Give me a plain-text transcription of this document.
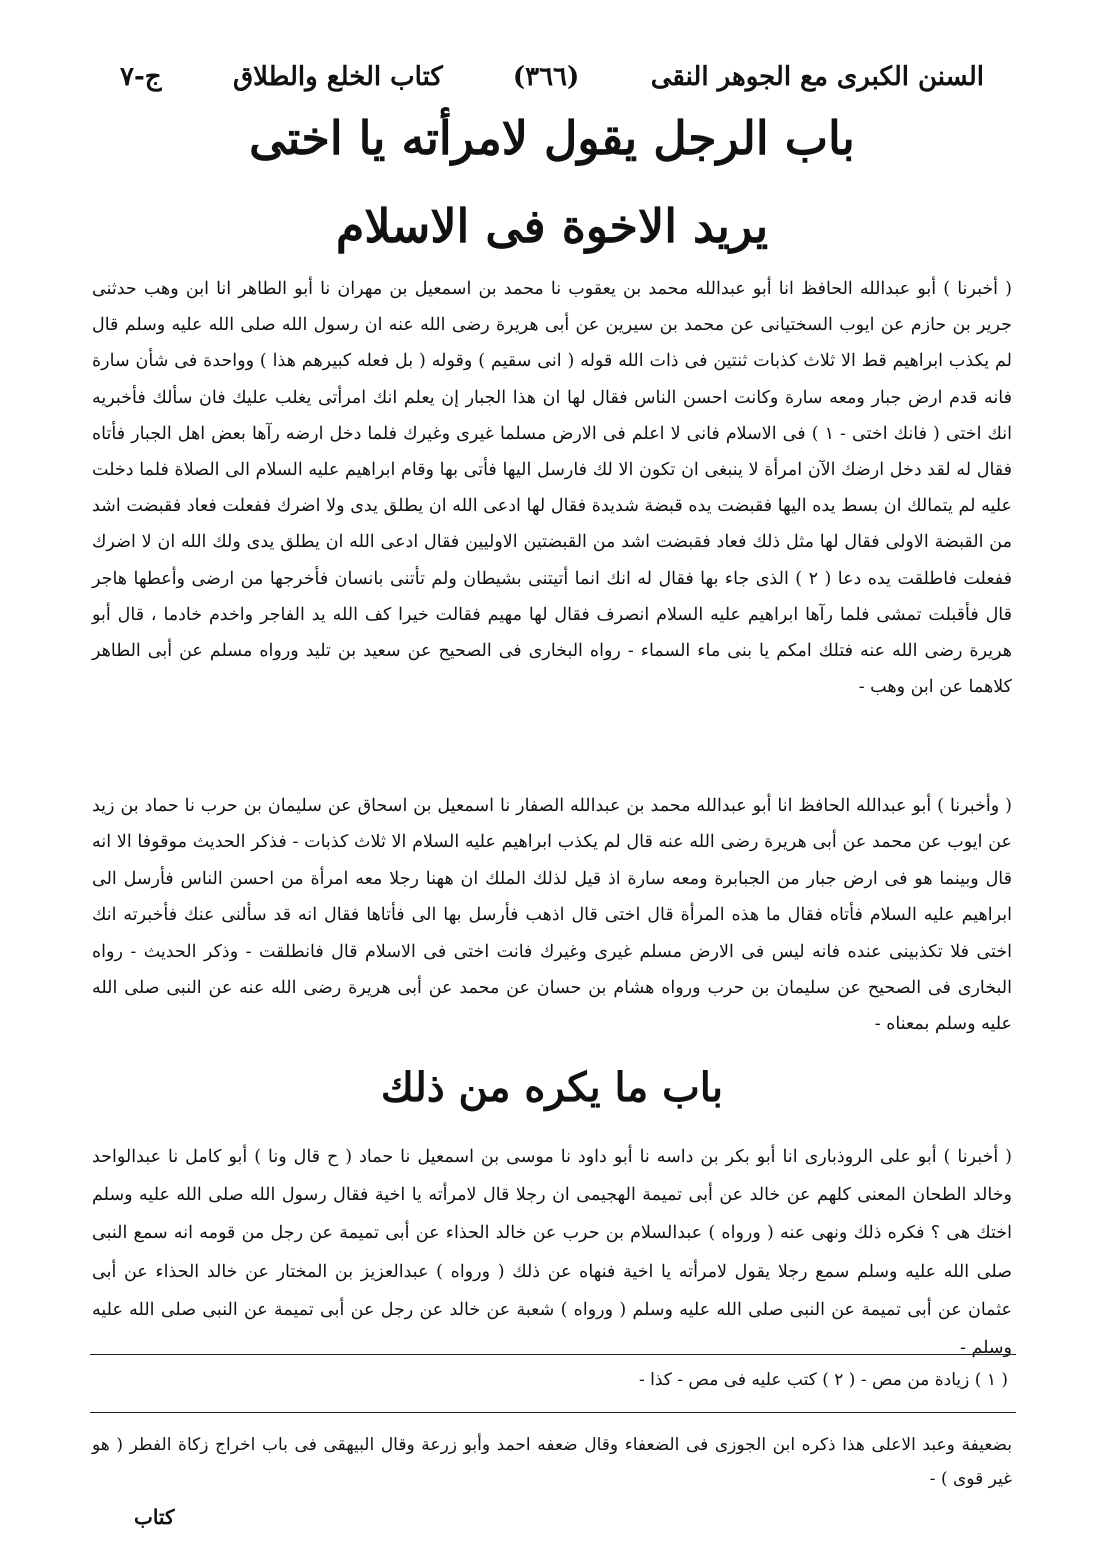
السنن الكبرى مع الجوهر النقى
(٣٦٦)
كتاب الخلع والطلاق
ج-٧
باب الرجل يقول لامرأته يا اختى
يريد الاخوة فى الاسلام
( أخبرنا ) أبو عبدالله الحافظ انا أبو عبدالله محمد بن يعقوب نا محمد بن اسمعيل بن مهران نا أبو الطاهر انا ابن وهب حدثنى جرير بن حازم عن ايوب السختيانى عن محمد بن سيرين عن أبى هريرة رضى الله عنه ان رسول الله صلى الله عليه وسلم قال لم يكذب ابراهيم قط الا ثلاث كذبات ثنتين فى ذات الله قوله ( انى سقيم ) وقوله ( بل فعله كبيرهم هذا ) وواحدة فى شأن سارة فانه قدم ارض جبار ومعه سارة وكانت احسن الناس فقال لها ان هذا الجبار إن يعلم انك امرأتى يغلب عليك فان سألك فأخبريه انك اختى ( فانك اختى - ١ ) فى الاسلام فانى لا اعلم فى الارض مسلما غيرى وغيرك فلما دخل ارضه رآها بعض اهل الجبار فأتاه فقال له لقد دخل ارضك الآن امرأة لا ينبغى ان تكون الا لك فارسل اليها فأتى بها وقام ابراهيم عليه السلام الى الصلاة فلما دخلت عليه لم يتمالك ان بسط يده اليها فقبضت يده قبضة شديدة فقال لها ادعى الله ان يطلق يدى ولا اضرك ففعلت فعاد فقبضت اشد من القبضة الاولى فقال لها مثل ذلك فعاد فقبضت اشد من القبضتين الاوليين فقال ادعى الله ان يطلق يدى ولك الله ان لا اضرك ففعلت فاطلقت يده دعا ( ٢ ) الذى جاء بها فقال له انك انما أتيتنى بشيطان ولم تأتنى بانسان فأخرجها من ارضى وأعطها هاجر قال فأقبلت تمشى فلما رآها ابراهيم عليه السلام انصرف فقال لها مهيم فقالت خيرا كف الله يد الفاجر واخدم خادما ، قال أبو هريرة رضى الله عنه فتلك امكم يا بنى ماء السماء - رواه البخارى فى الصحيح عن سعيد بن تليد ورواه مسلم عن أبى الطاهر كلاهما عن ابن وهب -
( وأخبرنا ) أبو عبدالله الحافظ انا أبو عبدالله محمد بن عبدالله الصفار نا اسمعيل بن اسحاق عن سليمان بن حرب نا حماد بن زيد عن ايوب عن محمد عن أبى هريرة رضى الله عنه قال لم يكذب ابراهيم عليه السلام الا ثلاث كذبات - فذكر الحديث موقوفا الا انه قال وبينما هو فى ارض جبار من الجبابرة ومعه سارة اذ قيل لذلك الملك ان ههنا رجلا معه امرأة من احسن الناس فأرسل الى ابراهيم عليه السلام فأتاه فقال ما هذه المرأة قال اختى قال اذهب فأرسل بها الى فأتاها فقال انه قد سألنى عنك فأخبرته انك اختى فلا تكذبينى عنده فانه ليس فى الارض مسلم غيرى وغيرك فانت اختى فى الاسلام قال فانطلقت - وذكر الحديث - رواه البخارى فى الصحيح عن سليمان بن حرب ورواه هشام بن حسان عن محمد عن أبى هريرة رضى الله عنه عن النبى صلى الله عليه وسلم بمعناه -
باب ما يكره من ذلك
( أخبرنا ) أبو على الروذبارى انا أبو بكر بن داسه نا أبو داود نا موسى بن اسمعيل نا حماد ( ح قال ونا ) أبو كامل نا عبدالواحد وخالد الطحان المعنى كلهم عن خالد عن أبى تميمة الهجيمى ان رجلا قال لامرأته يا اخية فقال رسول الله صلى الله عليه وسلم اختك هى ؟ فكره ذلك ونهى عنه ( ورواه ) عبدالسلام بن حرب عن خالد الحذاء عن أبى تميمة عن رجل من قومه انه سمع النبى صلى الله عليه وسلم سمع رجلا يقول لامرأته يا اخية فنهاه عن ذلك ( ورواه ) عبدالعزيز بن المختار عن خالد الحذاء عن أبى عثمان عن أبى تميمة عن النبى صلى الله عليه وسلم ( ورواه ) شعبة عن خالد عن رجل عن أبى تميمة عن النبى صلى الله عليه وسلم -
( ١ ) زيادة من مص - ( ٢ ) كتب عليه فى مص - كذا -
بضعيفة وعبد الاعلى هذا ذكره ابن الجوزى فى الضعفاء وقال ضعفه احمد وأبو زرعة وقال البيهقى فى باب اخراج زكاة الفطر ( هو غير قوى ) -
كتاب
